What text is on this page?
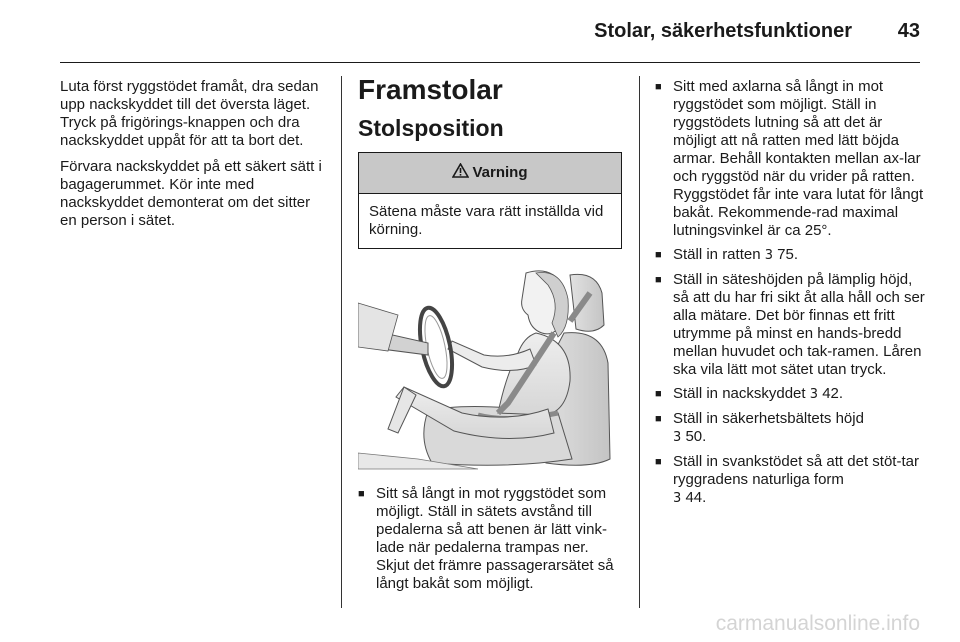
Stolar, säkerhetsfunktioner 43

Luta först ryggstödet framåt, dra sedan upp nackskyddet till det översta läget. Tryck på frigörings-knappen och dra nackskyddet uppåt för att ta bort det.

Förvara nackskyddet på ett säkert sätt i bagagerummet. Kör inte med nackskyddet demonterat om det sitter en person i sätet.

Framstolar
Stolsposition
Varning
Sätena måste vara rätt inställda vid körning.
■ Sitt så långt in mot ryggstödet som möjligt. Ställ in sätets avstånd till pedalerna så att benen är lätt vink-lade när pedalerna trampas ner. Skjut det främre passagerarsätet så långt bakåt som möjligt.
■ Sitt med axlarna så långt in mot ryggstödet som möjligt. Ställ in ryggstödets lutning så att det är möjligt att nå ratten med lätt böjda armar. Behåll kontakten mellan ax-lar och ryggstöd när du vrider på ratten. Ryggstödet får inte vara lutat för långt bakåt. Rekommende-rad maximal lutningsvinkel är ca 25°.
■ Ställ in ratten 3 75.
■ Ställ in säteshöjden på lämplig höjd, så att du har fri sikt åt alla håll och ser alla mätare. Det bör finnas ett fritt utrymme på minst en hands-bredd mellan huvudet och tak-ramen. Låren ska vila lätt mot sätet utan tryck.
■ Ställ in nackskyddet 3 42.
■ Ställ in säkerhetsbältets höjd
3 50.
■ Ställ in svankstödet så att det stöt-tar ryggradens naturliga form
3 44.
carmanualsonline.info
